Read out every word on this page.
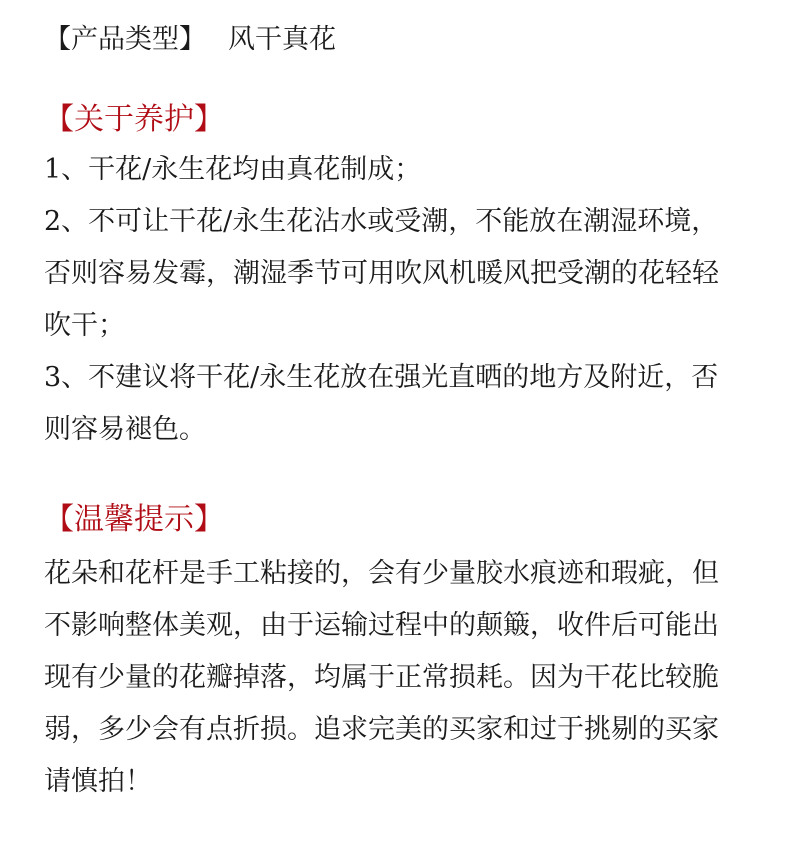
【产品类型】 风干真花
【关于养护】
1、干花/永生花均由真花制成；
2、不可让干花/永生花沾水或受潮，不能放在潮湿环境，
否则容易发霉，潮湿季节可用吹风机暖风把受潮的花轻轻
吹干；
3、不建议将干花/永生花放在强光直晒的地方及附近，否
则容易褪色。
【温馨提示】
花朵和花杆是手工粘接的，会有少量胶水痕迹和瑕疵，但
不影响整体美观，由于运输过程中的颠簸，收件后可能出
现有少量的花瓣掉落，均属于正常损耗。因为干花比较脆
弱，多少会有点折损。追求完美的买家和过于挑剔的买家
请慎拍！
